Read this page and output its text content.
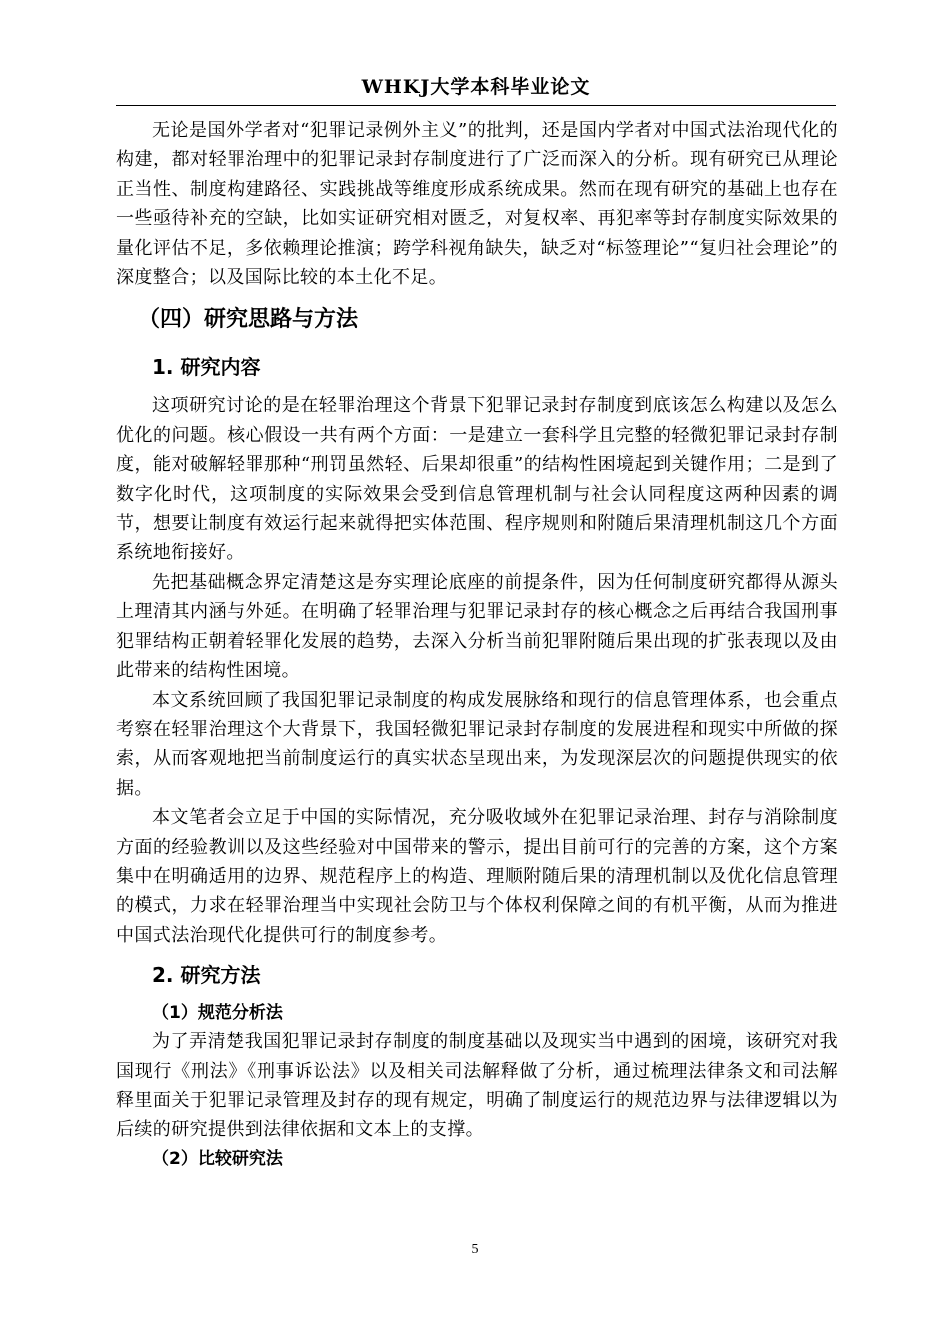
WHKJ大学本科毕业论文

无论是国外学者对“犯罪记录例外主义”的批判，还是国内学者对中国式法治现代化的构建，都对轻罪治理中的犯罪记录封存制度进行了广泛而深入的分析。现有研究已从理论正当性、制度构建路径、实践挑战等维度形成系统成果。然而在现有研究的基础上也存在一些亟待补充的空缺，比如实证研究相对匮乏，对复权率、再犯率等封存制度实际效果的量化评估不足，多依赖理论推演；跨学科视角缺失，缺乏对“标签理论”“复归社会理论”的深度整合；以及国际比较的本土化不足。

（四）研究思路与方法
1. 研究内容

这项研究讨论的是在轻罪治理这个背景下犯罪记录封存制度到底该怎么构建以及怎么优化的问题。核心假设一共有两个方面：一是建立一套科学且完整的轻微犯罪记录封存制度，能对破解轻罪那种“刑罚虽然轻、后果却很重”的结构性困境起到关键作用；二是到了数字化时代，这项制度的实际效果会受到信息管理机制与社会认同程度这两种因素的调节，想要让制度有效运行起来就得把实体范围、程序规则和附随后果清理机制这几个方面系统地衔接好。

先把基础概念界定清楚这是夯实理论底座的前提条件，因为任何制度研究都得从源头上理清其内涵与外延。在明确了轻罪治理与犯罪记录封存的核心概念之后再结合我国刑事犯罪结构正朝着轻罪化发展的趋势，去深入分析当前犯罪附随后果出现的扩张表现以及由此带来的结构性困境。

本文系统回顾了我国犯罪记录制度的构成发展脉络和现行的信息管理体系，也会重点考察在轻罪治理这个大背景下，我国轻微犯罪记录封存制度的发展进程和现实中所做的探索，从而客观地把当前制度运行的真实状态呈现出来，为发现深层次的问题提供现实的依据。

本文笔者会立足于中国的实际情况，充分吸收域外在犯罪记录治理、封存与消除制度方面的经验教训以及这些经验对中国带来的警示，提出目前可行的完善的方案，这个方案集中在明确适用的边界、规范程序上的构造、理顺附随后果的清理机制以及优化信息管理的模式，力求在轻罪治理当中实现社会防卫与个体权利保障之间的有机平衡，从而为推进中国式法治现代化提供可行的制度参考。

2. 研究方法
（1）规范分析法

为了弄清楚我国犯罪记录封存制度的制度基础以及现实当中遇到的困境，该研究对我国现行《刑法》《刑事诉讼法》以及相关司法解释做了分析，通过梳理法律条文和司法解释里面关于犯罪记录管理及封存的现有规定，明确了制度运行的规范边界与法律逻辑以为后续的研究提供到法律依据和文本上的支撑。

（2）比较研究法
5
